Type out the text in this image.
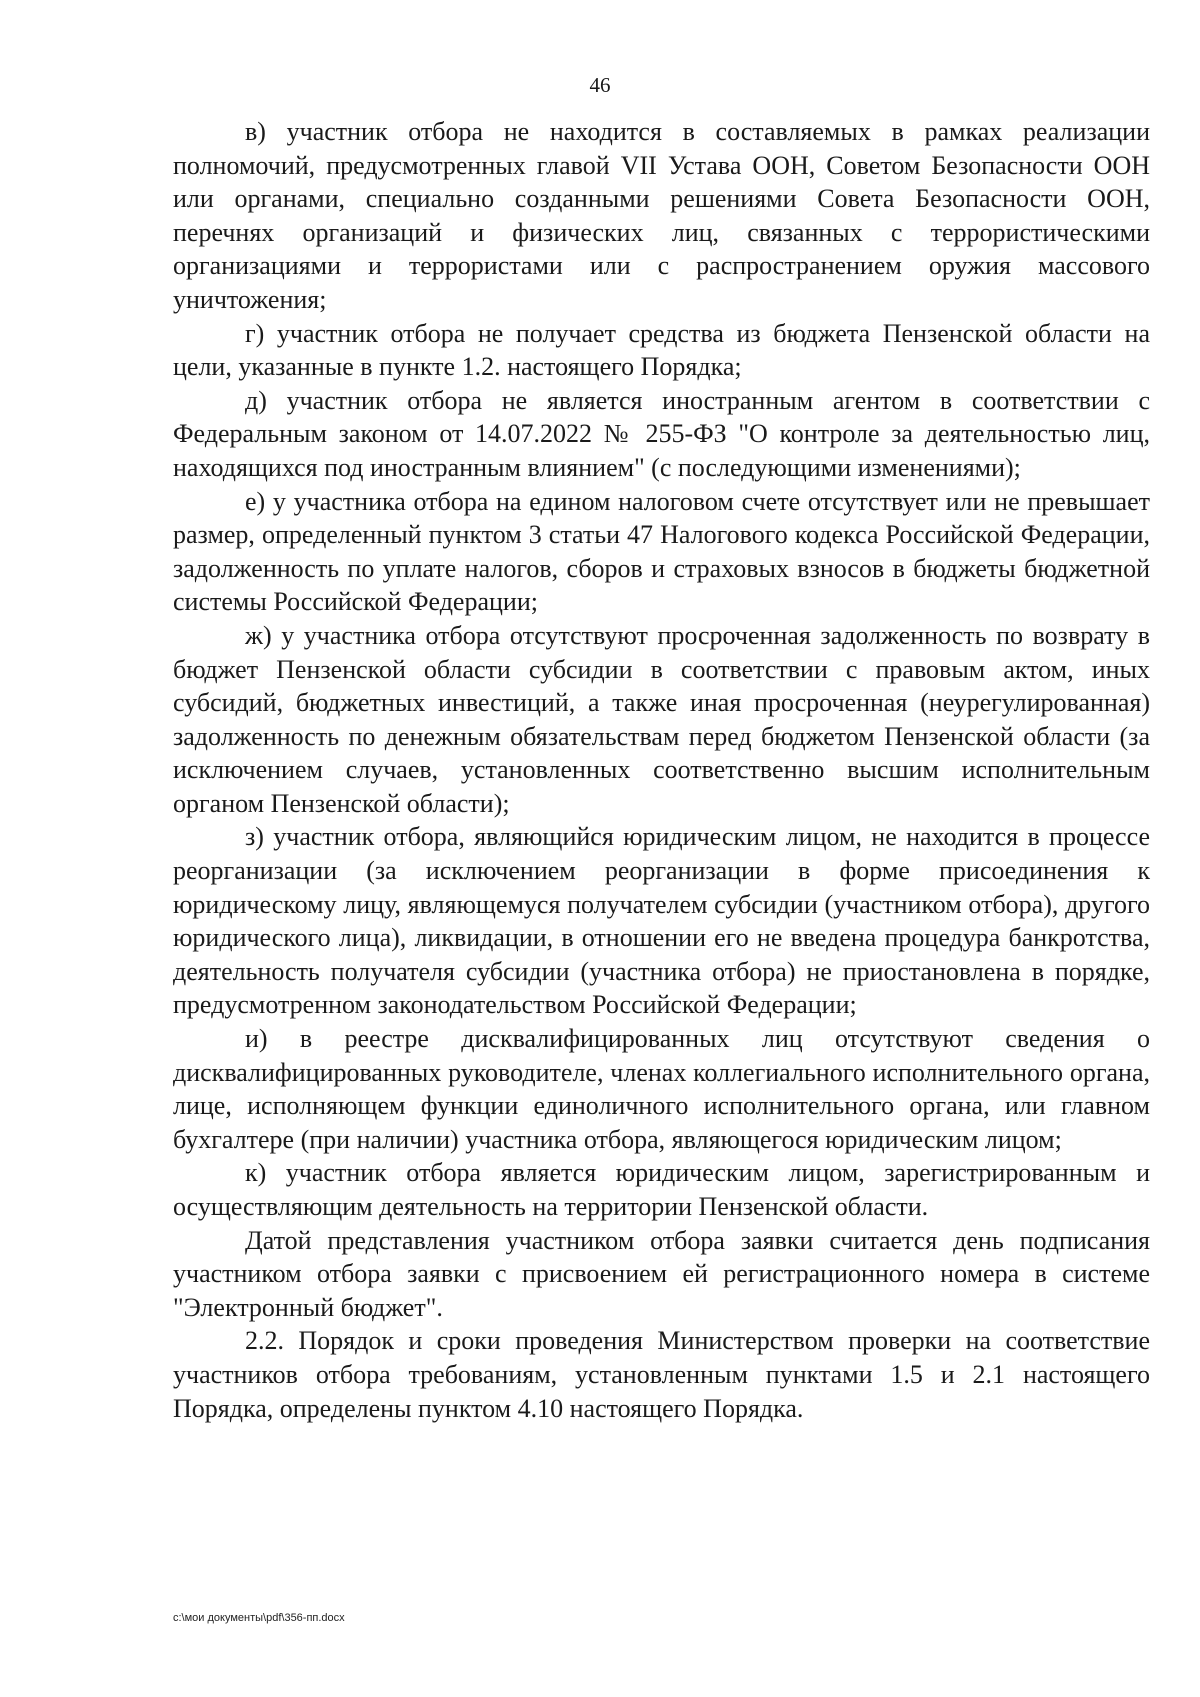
46

в) участник отбора не находится в составляемых в рамках реализации полномочий, предусмотренных главой VII Устава ООН, Советом Безопасности ООН или органами, специально созданными решениями Совета Безопасности ООН, перечнях организаций и физических лиц, связанных с террористическими организациями и террористами или с распространением оружия массового уничтожения;

г) участник отбора не получает средства из бюджета Пензенской области на цели, указанные в пункте 1.2. настоящего Порядка;

д) участник отбора не является иностранным агентом в соответствии с Федеральным законом от 14.07.2022 № 255-ФЗ "О контроле за деятельностью лиц, находящихся под иностранным влиянием" (с последующими изменениями);

е) у участника отбора на едином налоговом счете отсутствует или не превышает размер, определенный пунктом 3 статьи 47 Налогового кодекса Российской Федерации, задолженность по уплате налогов, сборов и страховых взносов в бюджеты бюджетной системы Российской Федерации;

ж) у участника отбора отсутствуют просроченная задолженность по возврату в бюджет Пензенской области субсидии в соответствии с правовым актом, иных субсидий, бюджетных инвестиций, а также иная просроченная (неурегулированная) задолженность по денежным обязательствам перед бюджетом Пензенской области (за исключением случаев, установленных соответственно высшим исполнительным органом Пензенской области);

з) участник отбора, являющийся юридическим лицом, не находится в процессе реорганизации (за исключением реорганизации в форме присоединения к юридическому лицу, являющемуся получателем субсидии (участником отбора), другого юридического лица), ликвидации, в отношении его не введена процедура банкротства, деятельность получателя субсидии (участника отбора) не приостановлена в порядке, предусмотренном законодательством Российской Федерации;

и) в реестре дисквалифицированных лиц отсутствуют сведения о дисквалифицированных руководителе, членах коллегиального исполнительного органа, лице, исполняющем функции единоличного исполнительного органа, или главном бухгалтере (при наличии) участника отбора, являющегося юридическим лицом;

к) участник отбора является юридическим лицом, зарегистрированным и осуществляющим деятельность на территории Пензенской области.

Датой представления участником отбора заявки считается день подписания участником отбора заявки с присвоением ей регистрационного номера в системе "Электронный бюджет".

2.2. Порядок и сроки проведения Министерством проверки на соответствие участников отбора требованиям, установленным пунктами 1.5 и 2.1 настоящего Порядка, определены пунктом 4.10 настоящего Порядка.

c:\мои документы\pdf\356-пп.docx
